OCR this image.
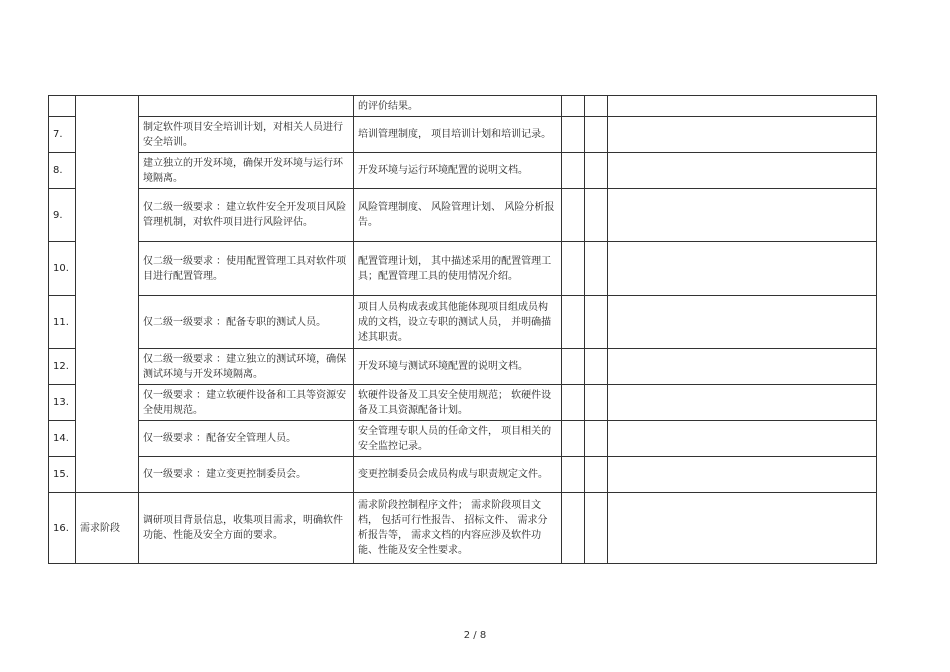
			的评价结果。			
7.		制定软件项目安全培训计划，对相关人员进行安全培训。	培训管理制度， 项目培训计划和培训记录。			
8.		建立独立的开发环境，确保开发环境与运行环境隔离。	开发环境与运行环境配置的说明文档。			
9.		仅二级一级要求 ：建立软件安全开发项目风险管理机制，对软件项目进行风险评估。	风险管理制度、 风险管理计划、 风险分析报告。			
10.		仅二级一级要求 ：使用配置管理工具对软件项目进行配置管理。	配置管理计划， 其中描述采用的配置管理工具；配置管理工具的使用情况介绍。			
11.		仅二级一级要求 ：配备专职的测试人员。	项目人员构成表或其他能体现项目组成员构成的文档，设立专职的测试人员， 并明确描述其职责。			
12.		仅二级一级要求 ：建立独立的测试环境，确保测试环境与开发环境隔离。	开发环境与测试环境配置的说明文档。			
13.		仅一级要求 ：建立软硬件设备和工具等资源安全使用规范。	软硬件设备及工具安全使用规范； 软硬件设备及工具资源配备计划。			
14.		仅一级要求 ：配备安全管理人员。	安全管理专职人员的任命文件， 项目相关的安全监控记录。			
15.		仅一级要求 ：建立变更控制委员会。	变更控制委员会成员构成与职责规定文件。			
16.	需求阶段	调研项目背景信息，收集项目需求，明确软件功能、性能及安全方面的要求。	需求阶段控制程序文件； 需求阶段项目文档， 包括可行性报告、 招标文件、 需求分析报告等， 需求文档的内容应涉及软件功能、性能及安全性要求。			
2 / 8
